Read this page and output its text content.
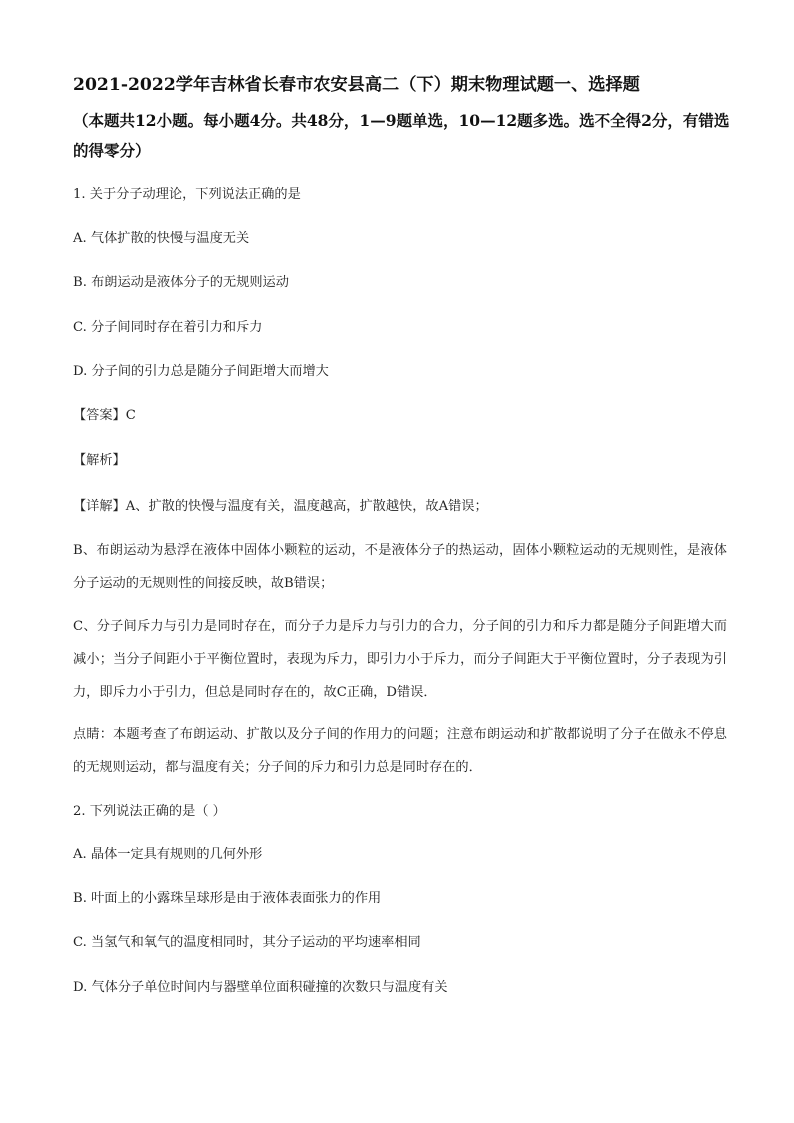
2021-2022学年吉林省长春市农安县高二（下）期末物理试题一、选择题
（本题共12小题。每小题4分。共48分，1—9题单选，10—12题多选。选不全得2分，有错选的得零分）
1. 关于分子动理论，下列说法正确的是
A. 气体扩散的快慢与温度无关
B. 布朗运动是液体分子的无规则运动
C. 分子间同时存在着引力和斥力
D. 分子间的引力总是随分子间距增大而增大
【答案】C
【解析】
【详解】A、扩散的快慢与温度有关，温度越高，扩散越快，故A错误；
B、布朗运动为悬浮在液体中固体小颗粒的运动，不是液体分子的热运动，固体小颗粒运动的无规则性，是液体分子运动的无规则性的间接反映，故B错误；
C、分子间斥力与引力是同时存在，而分子力是斥力与引力的合力，分子间的引力和斥力都是随分子间距增大而减小；当分子间距小于平衡位置时，表现为斥力，即引力小于斥力，而分子间距大于平衡位置时，分子表现为引力，即斥力小于引力，但总是同时存在的，故C正确，D错误．
点睛：本题考查了布朗运动、扩散以及分子间的作用力的问题；注意布朗运动和扩散都说明了分子在做永不停息的无规则运动，都与温度有关；分子间的斥力和引力总是同时存在的．
2. 下列说法正确的是（ ）
A. 晶体一定具有规则的几何外形
B. 叶面上的小露珠呈球形是由于液体表面张力的作用
C. 当氢气和氧气的温度相同时，其分子运动的平均速率相同
D. 气体分子单位时间内与器壁单位面积碰撞的次数只与温度有关
